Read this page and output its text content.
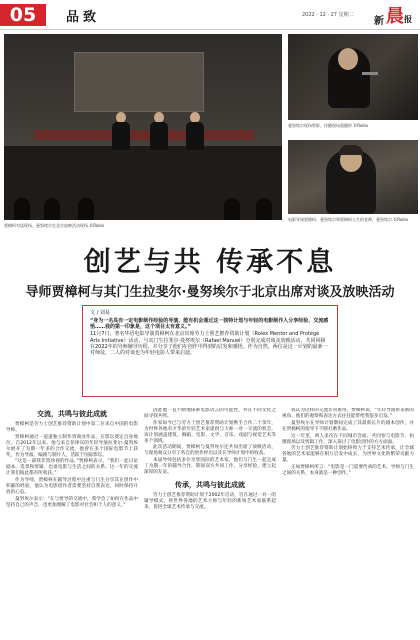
05	品致	2022 · 12 · 27 星期二
新 晨 报
贾樟柯对谈现场、曼努埃尔在北京放映活动现场 ©Rolex
曼努埃尔现场剪影，伴随现场重播时 ©Rolex
电影导演贾樟柯，曼努埃尔和贾樟柯人生的老师，曼努埃尔 ©Rolex
创艺与共 传承不息
导师贾樟柯与其门生拉斐尔·曼努埃尔于北京出席对谈及放映活动
文 / 刘易

“身为一名具有一定电影制作经验的导演，能有机会通过这一独特计划与年轻的电影制作人分享经验、交流感悟……我的第一印象是，这个项目太有意义。”

11月7日，著名华语电影导演贾樟柯在北京出席劳力士创艺推荐资助计划（Rolex Mentor and Protégé Arts Initiative）活动，与其门生拉斐尔·曼努埃尔（Rafael Manuel）分别完成对谈及放映活动，共同回顾在2022年的导师辅导历程，并分享了他们在创作中得到的启发和感悟。作为自然，两位是这一计划的最新一对师徒，二人的对谈也为年轻电影人带来启迪。

交流，共鸣与彼此成就

贾樟柯是劳力士创艺推荐资助计划中第二位来自中国的电影导师。

贾樟柯通过一道道独立制作到商业作品，在影坛奠定自身地位。自2012年以来，他与来自菲律宾的年轻导演拉斐尔·曼努埃尔展开了为期一年多的合作交流，他曾在多个国际电影节上获奖，作为导演、编剧与制片人，活跃于国际影坛。

“这是一部我非常珍视的作品，”贾樟柯表示，“我们一起讨论剧本、选景和剪辑，也谈电影与生活之间的关系。这一年的交流让我们彼此都有所收获。”

作为导师，贾樟柯在辅导过程中注重与门生分享其在创作中积累的经验。他认为电影创作者需要坚持自我表达，同时保持开放的心态。

曼努埃尔表示：“在与贾导的交流中，我学会了如何在作品中坚持自己的声音，也更加理解了电影对社会和个人的意义。”

因此他一直不断地探索电影语言的可能性，并在不同文化之间寻找共鸣。

作家如今已与劳力士创艺推荐资助计划携手合作二十余年，为世界各地有才华的年轻艺术家提供与大师一对一交流的机会。该计划涵盖建筑、舞蹈、电影、文学、音乐、戏剧与视觉艺术等多个领域。

此次活动期间，贾樟柯与曼努埃尔还共同出席了放映活动，与现场观众分享了各自的创作经历以及在导师计划中的收获。

本届导师包括多位享誉国际的艺术家，他们与门生一起完成了为期一年的辅导合作，期间双方共同工作、分享经验，建立起深厚的友谊。

传承，共鸣与彼此成就

劳力士创艺推荐资助计划于2002年启动，旨在通过一对一的辅导模式，将世界各地的艺术大师与年轻的新锐艺术家联系起来，促进全球艺术传承与交流。

我认为这样的交流非常难得，贾樟柯说，“年轻导演带来新的视角，他们的观察和表达方式往往能带给我很多启发。”

曼努埃尔在导师计划期间完成了其最新长片的剧本创作，并在贾樟柯的指导下不断打磨作品。

这一年里，两人多次在不同城市会面，共同参与电影节、拍摄现场以及剪辑工作，深入探讨了电影创作的方方面面。

劳力士创艺推荐资助计划始终致力于支持艺术传承，让全球各地的艺术家能够在相互启发中成长，为世界文化的繁荣贡献力量。

正如贾樟柯所言：“电影是一门需要传承的艺术，导师与门生之间的关系，本身就是一种创作。”
